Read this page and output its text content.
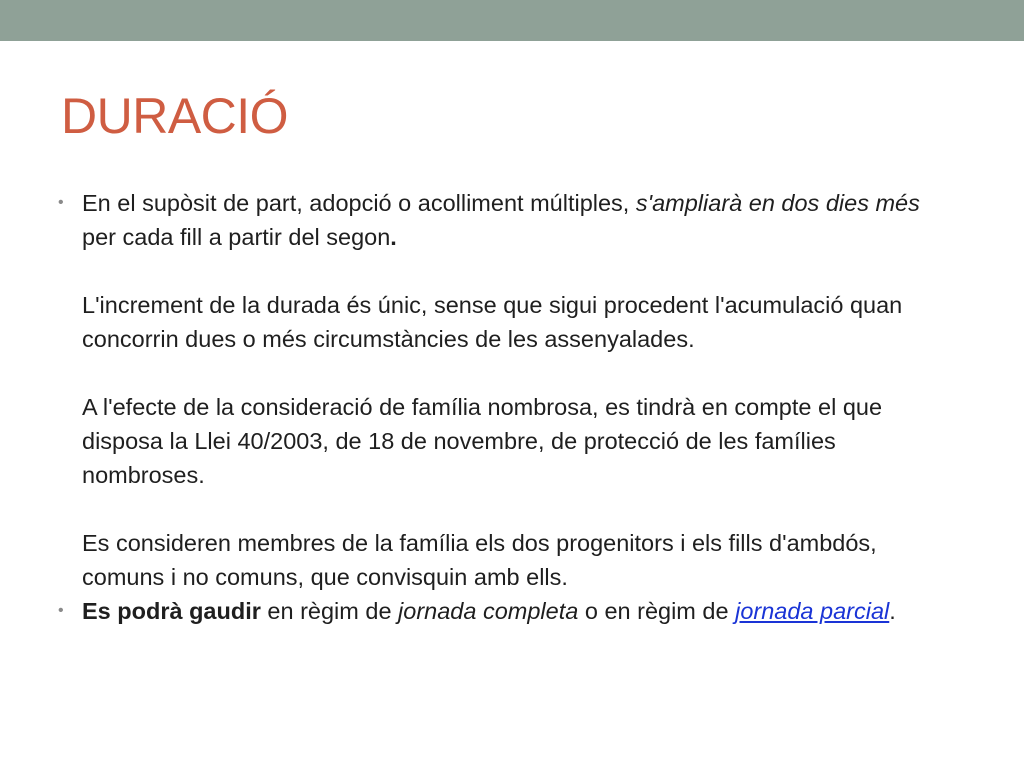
DURACIÓ
• En el supòsit de part, adopció o acolliment múltiples, s'ampliarà en dos dies més per cada fill a partir del segon.
L'increment de la durada és únic, sense que sigui procedent l'acumulació quan concorrin dues o més circumstàncies de les assenyalades.
A l'efecte de la consideració de família nombrosa, es tindrà en compte el que disposa la Llei 40/2003, de 18 de novembre, de protecció de les famílies nombroses.
Es consideren membres de la família els dos progenitors i els fills d'ambdós, comuns i no comuns, que convisquin amb ells.
• Es podrà gaudir en règim de jornada completa o en règim de jornada parcial.
